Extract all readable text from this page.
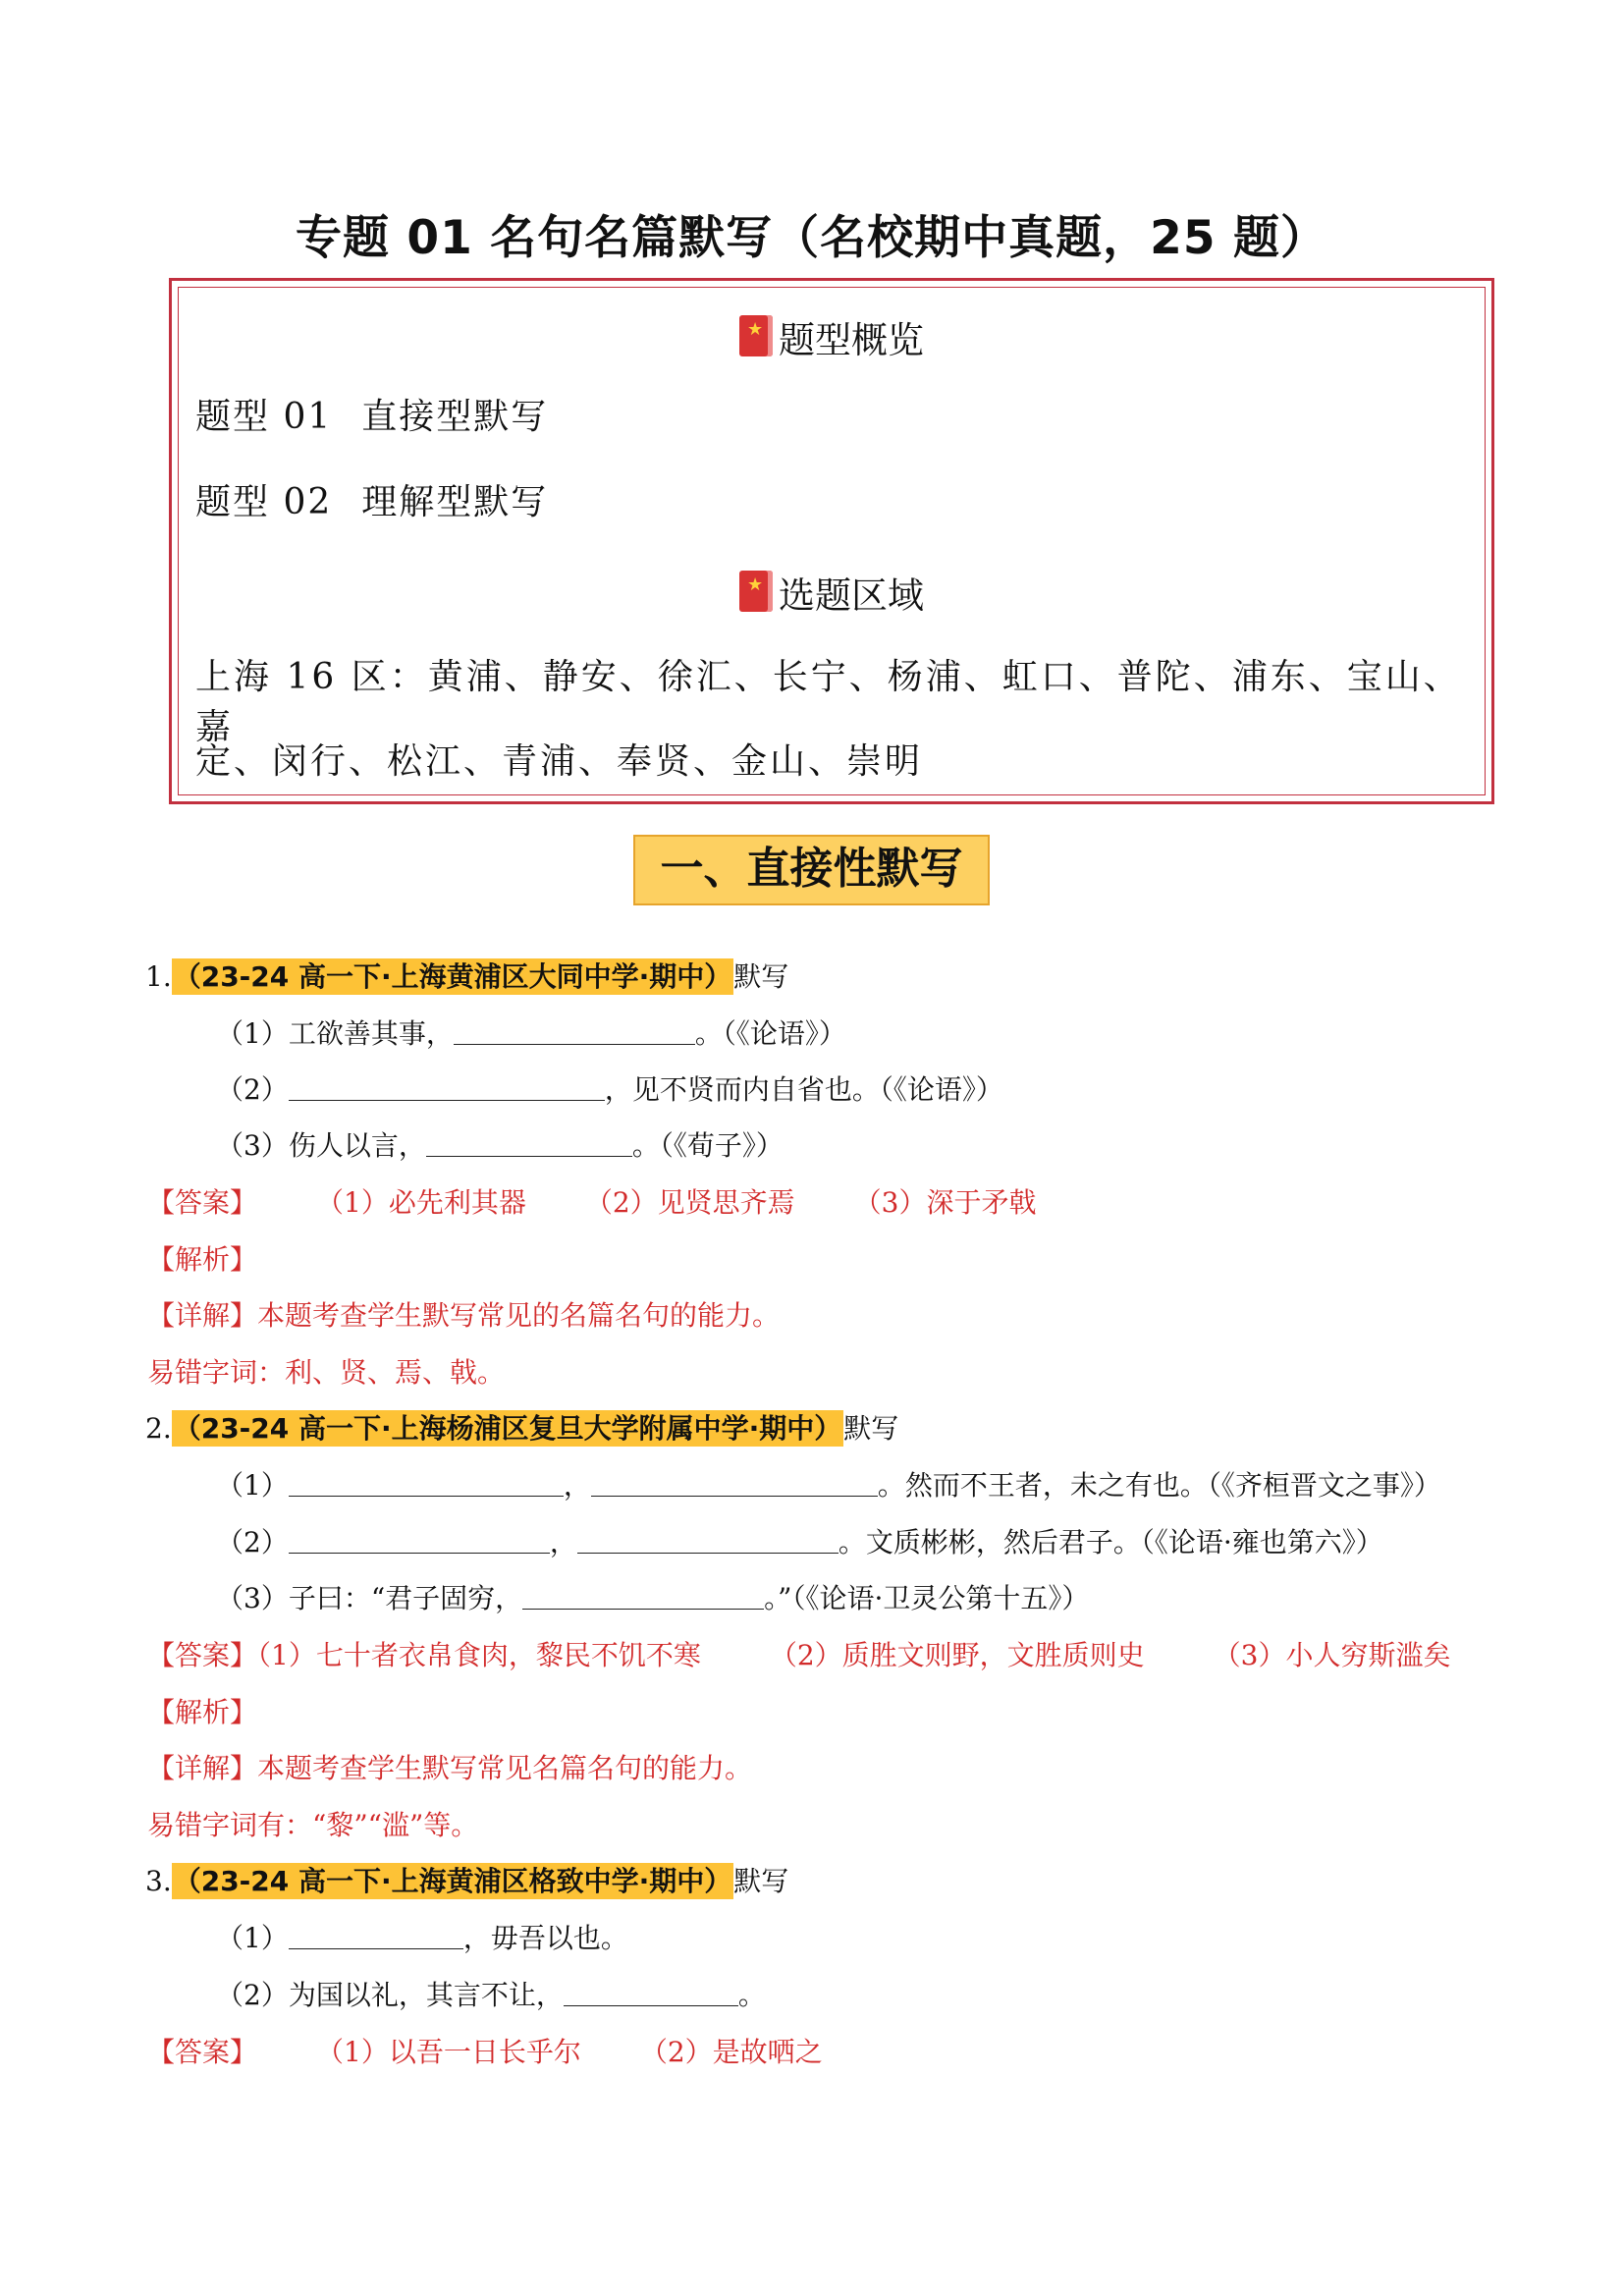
专题 01 名句名篇默写（名校期中真题，25 题）
★ 题型概览
题型 01 直接型默写
题型 02 理解型默写
★ 选题区域
上海 16 区：黄浦、静安、徐汇、长宁、杨浦、虹口、普陀、浦东、宝山、嘉
定、闵行、松江、青浦、奉贤、金山、崇明
一、直接性默写
1.（23-24 高一下·上海黄浦区大同中学·期中）默写
（1）工欲善其事，	。（《论语》）
（2）	，见不贤而内自省也。（《论语》）
（3）伤人以言，	。（《荀子》）
【答案】 （1）必先利其器 （2）见贤思齐焉 （3）深于矛戟
【解析】
【详解】本题考查学生默写常见的名篇名句的能力。
易错字词：利、贤、焉、戟。
2.（23-24 高一下·上海杨浦区复旦大学附属中学·期中）默写
（1）	，	。然而不王者，未之有也。（《齐桓晋文之事》）
（2）	，	。文质彬彬，然后君子。（《论语·雍也第六》）
（3）子曰：“君子固穷，	。”（《论语·卫灵公第十五》）
【答案】（1）七十者衣帛食肉，黎民不饥不寒	（2）质胜文则野，文胜质则史	（3）小人穷斯滥矣
【解析】
【详解】本题考查学生默写常见名篇名句的能力。
易错字词有：“黎”“滥”等。
3.（23-24 高一下·上海黄浦区格致中学·期中）默写
（1）	，毋吾以也。
（2）为国以礼，其言不让，	。
【答案】 （1）以吾一日长乎尔 （2）是故哂之
